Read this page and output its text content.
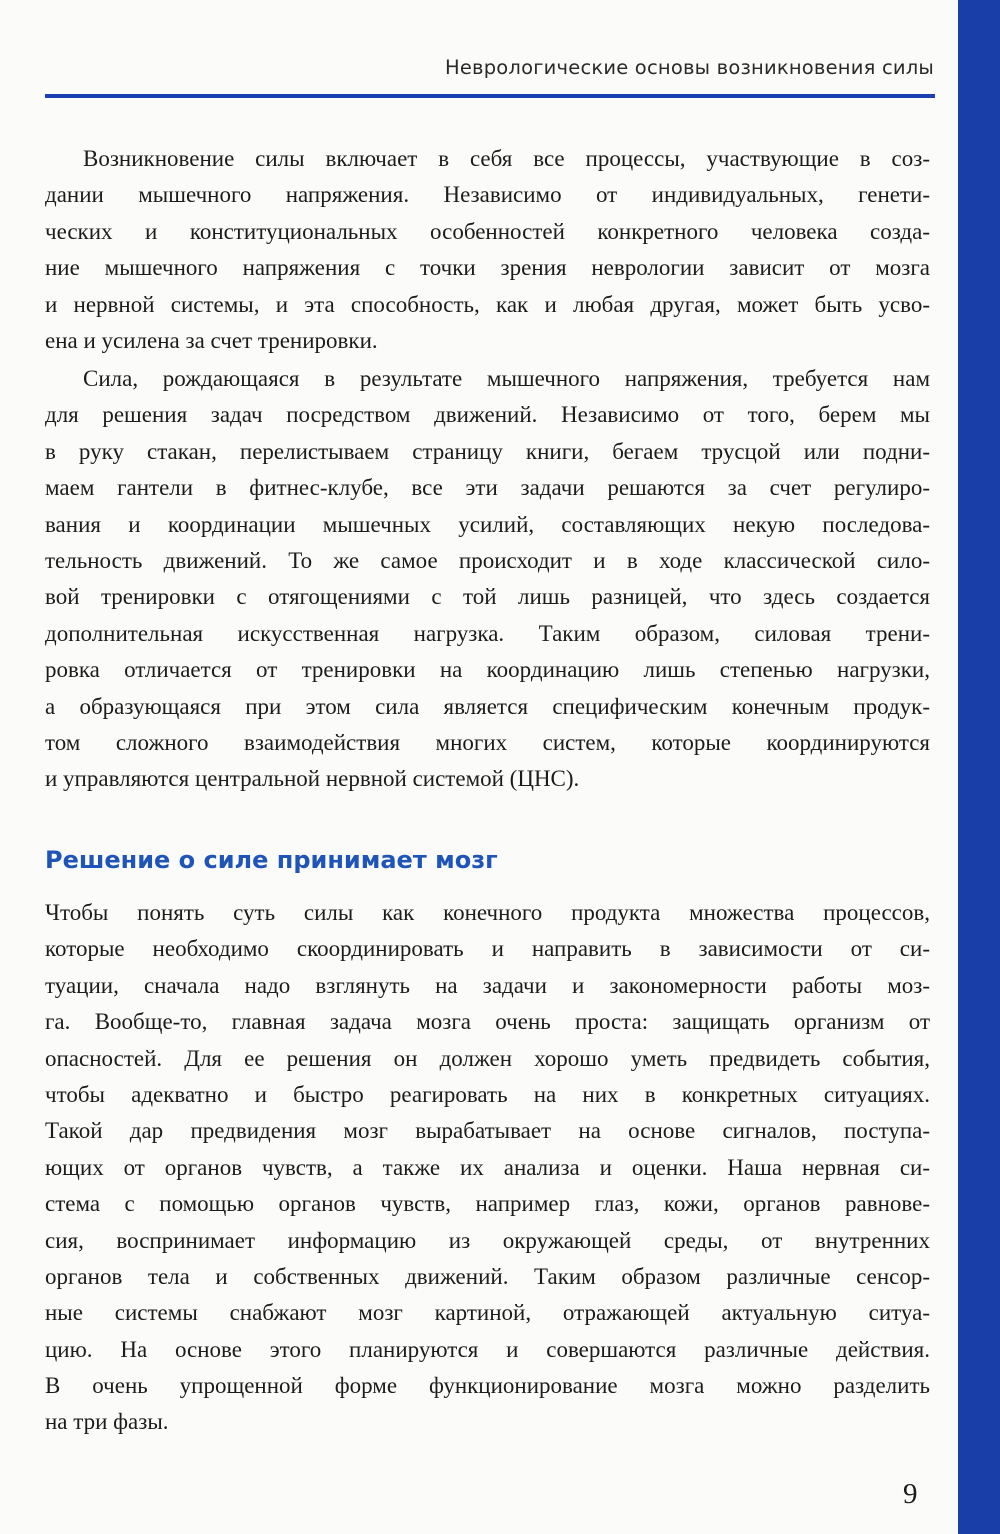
Неврологические основы возникновения силы
Возникновение силы включает в себя все процессы, участвующие в соз-
дании мышечного напряжения. Независимо от индивидуальных, генети-
ческих и конституциональных особенностей конкретного человека созда-
ние мышечного напряжения с точки зрения неврологии зависит от мозга
и нервной системы, и эта способность, как и любая другая, может быть усво-
ена и усилена за счет тренировки.
Сила, рождающаяся в результате мышечного напряжения, требуется нам
для решения задач посредством движений. Независимо от того, берем мы
в руку стакан, перелистываем страницу книги, бегаем трусцой или подни-
маем гантели в фитнес-клубе, все эти задачи решаются за счет регулиро-
вания и координации мышечных усилий, составляющих некую последова-
тельность движений. То же самое происходит и в ходе классической сило-
вой тренировки с отягощениями с той лишь разницей, что здесь создается
дополнительная искусственная нагрузка. Таким образом, силовая трени-
ровка отличается от тренировки на координацию лишь степенью нагрузки,
а образующаяся при этом сила является специфическим конечным продук-
том сложного взаимодействия многих систем, которые координируются
и управляются центральной нервной системой (ЦНС).
Решение о силе принимает мозг
Чтобы понять суть силы как конечного продукта множества процессов,
которые необходимо скоординировать и направить в зависимости от си-
туации, сначала надо взглянуть на задачи и закономерности работы моз-
га. Вообще-то, главная задача мозга очень проста: защищать организм от
опасностей. Для ее решения он должен хорошо уметь предвидеть события,
чтобы адекватно и быстро реагировать на них в конкретных ситуациях.
Такой дар предвидения мозг вырабатывает на основе сигналов, поступа-
ющих от органов чувств, а также их анализа и оценки. Наша нервная си-
стема с помощью органов чувств, например глаз, кожи, органов равнове-
сия, воспринимает информацию из окружающей среды, от внутренних
органов тела и собственных движений. Таким образом различные сенсор-
ные системы снабжают мозг картиной, отражающей актуальную ситуа-
цию. На основе этого планируются и совершаются различные действия.
В очень упрощенной форме функционирование мозга можно разделить
на три фазы.
9
